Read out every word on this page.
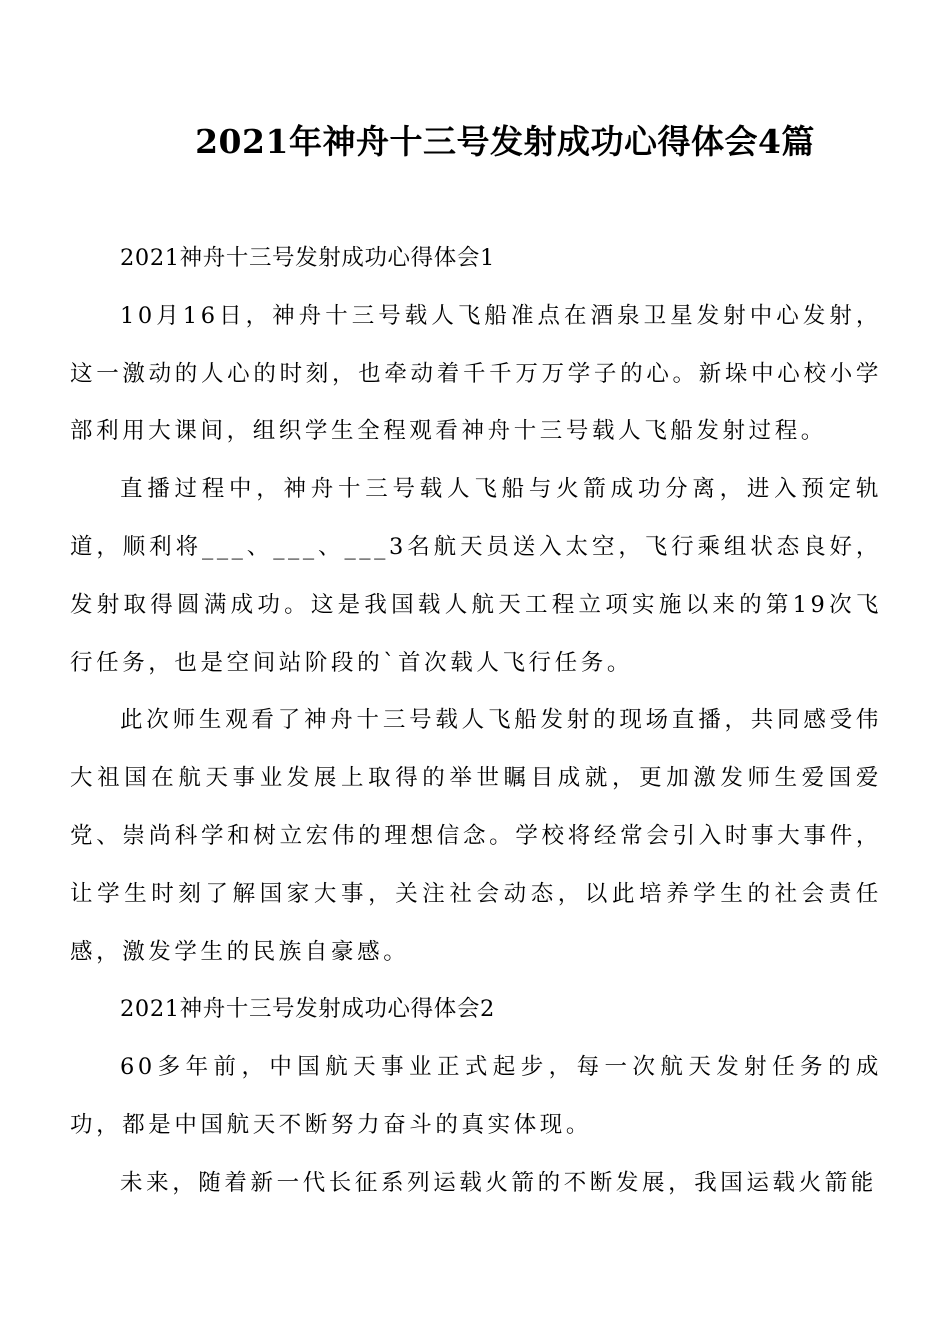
2021年神舟十三号发射成功心得体会4篇

2021神舟十三号发射成功心得体会1

10月16日，神舟十三号载人飞船准点在酒泉卫星发射中心发射，这一激动的人心的时刻，也牵动着千千万万学子的心。新垛中心校小学部利用大课间，组织学生全程观看神舟十三号载人飞船发射过程。

直播过程中，神舟十三号载人飞船与火箭成功分离，进入预定轨道，顺利将___、___、___3名航天员送入太空，飞行乘组状态良好，发射取得圆满成功。这是我国载人航天工程立项实施以来的第19次飞行任务，也是空间站阶段的`首次载人飞行任务。

此次师生观看了神舟十三号载人飞船发射的现场直播，共同感受伟大祖国在航天事业发展上取得的举世瞩目成就，更加激发师生爱国爱党、崇尚科学和树立宏伟的理想信念。学校将经常会引入时事大事件，让学生时刻了解国家大事，关注社会动态，以此培养学生的社会责任感，激发学生的民族自豪感。

2021神舟十三号发射成功心得体会2

60多年前，中国航天事业正式起步，每一次航天发射任务的成功，都是中国航天不断努力奋斗的真实体现。

未来，随着新一代长征系列运载火箭的不断发展，我国运载火箭能
